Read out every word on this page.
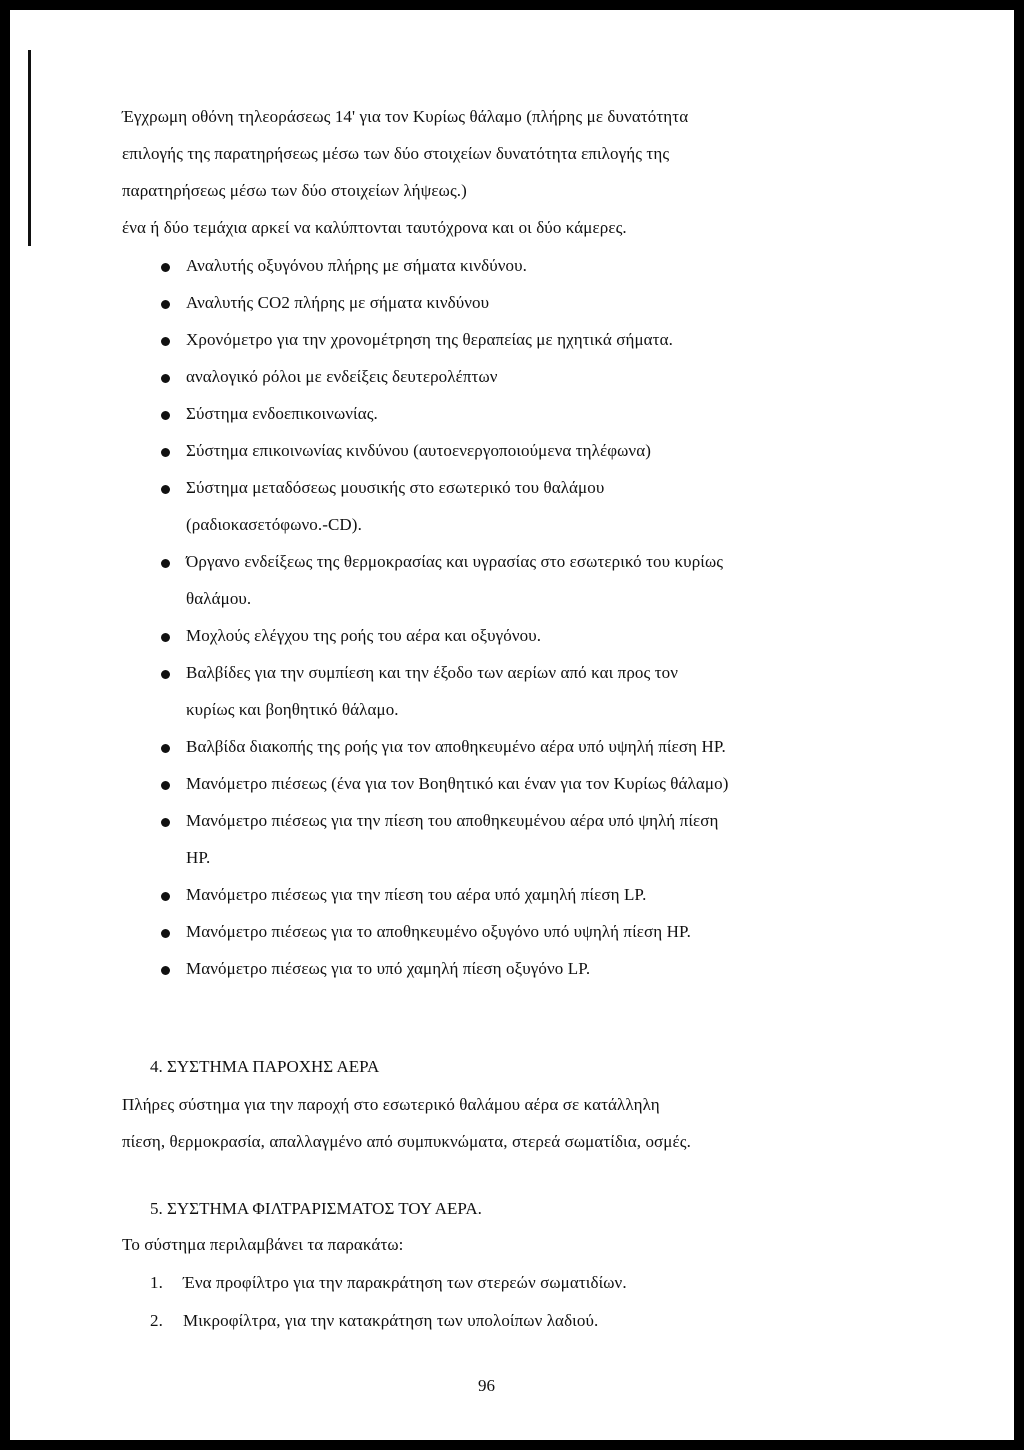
Έγχρωμη οθόνη τηλεοράσεως 14' για τον Κυρίως θάλαμο (πλήρης με δυνατότητα
επιλογής της παρατηρήσεως μέσω των δύο στοιχείων δυνατότητα επιλογής της
παρατηρήσεως μέσω των δύο στοιχείων λήψεως.)
ένα ή δύο τεμάχια αρκεί να καλύπτονται ταυτόχρονα και οι δύο κάμερες.
Αναλυτής οξυγόνου πλήρης με σήματα κινδύνου.
Αναλυτής CO2 πλήρης με σήματα κινδύνου
Χρονόμετρο για την χρονομέτρηση της θεραπείας με ηχητικά σήματα.
αναλογικό ρόλοι με ενδείξεις δευτερολέπτων
Σύστημα ενδοεπικοινωνίας.
Σύστημα επικοινωνίας κινδύνου (αυτοενεργοποιούμενα τηλέφωνα)
Σύστημα μεταδόσεως μουσικής στο εσωτερικό του θαλάμου
(ραδιοκασετόφωνο.-CD).
Όργανο ενδείξεως της θερμοκρασίας και υγρασίας στο εσωτερικό του κυρίως
θαλάμου.
Μοχλούς ελέγχου της ροής του αέρα και οξυγόνου.
Βαλβίδες για την συμπίεση και την έξοδο των αερίων από και προς τον
κυρίως και βοηθητικό θάλαμο.
Βαλβίδα διακοπής της ροής για τον αποθηκευμένο αέρα υπό υψηλή πίεση HP.
Μανόμετρο πιέσεως (ένα για τον Βοηθητικό και έναν για τον Κυρίως θάλαμο)
Μανόμετρο πιέσεως για την πίεση του αποθηκευμένου αέρα υπό ψηλή πίεση
HP.
Μανόμετρο πιέσεως για την πίεση του αέρα υπό χαμηλή πίεση LP.
Μανόμετρο πιέσεως για το αποθηκευμένο οξυγόνο υπό υψηλή πίεση HP.
Μανόμετρο πιέσεως για το υπό χαμηλή πίεση οξυγόνο LP.
4. ΣΥΣΤΗΜΑ ΠΑΡΟΧΗΣ ΑΕΡΑ
Πλήρες σύστημα για την παροχή στο εσωτερικό θαλάμου αέρα σε κατάλληλη
πίεση, θερμοκρασία, απαλλαγμένο από συμπυκνώματα, στερεά σωματίδια, οσμές.
5. ΣΥΣΤΗΜΑ ΦΙΛΤΡΑΡΙΣΜΑΤΟΣ ΤΟΥ ΑΕΡΑ.
Το σύστημα περιλαμβάνει τα παρακάτω:
1. Ένα προφίλτρο για την παρακράτηση των στερεών σωματιδίων.
2. Μικροφίλτρα, για την κατακράτηση των υπολοίπων λαδιού.
96
